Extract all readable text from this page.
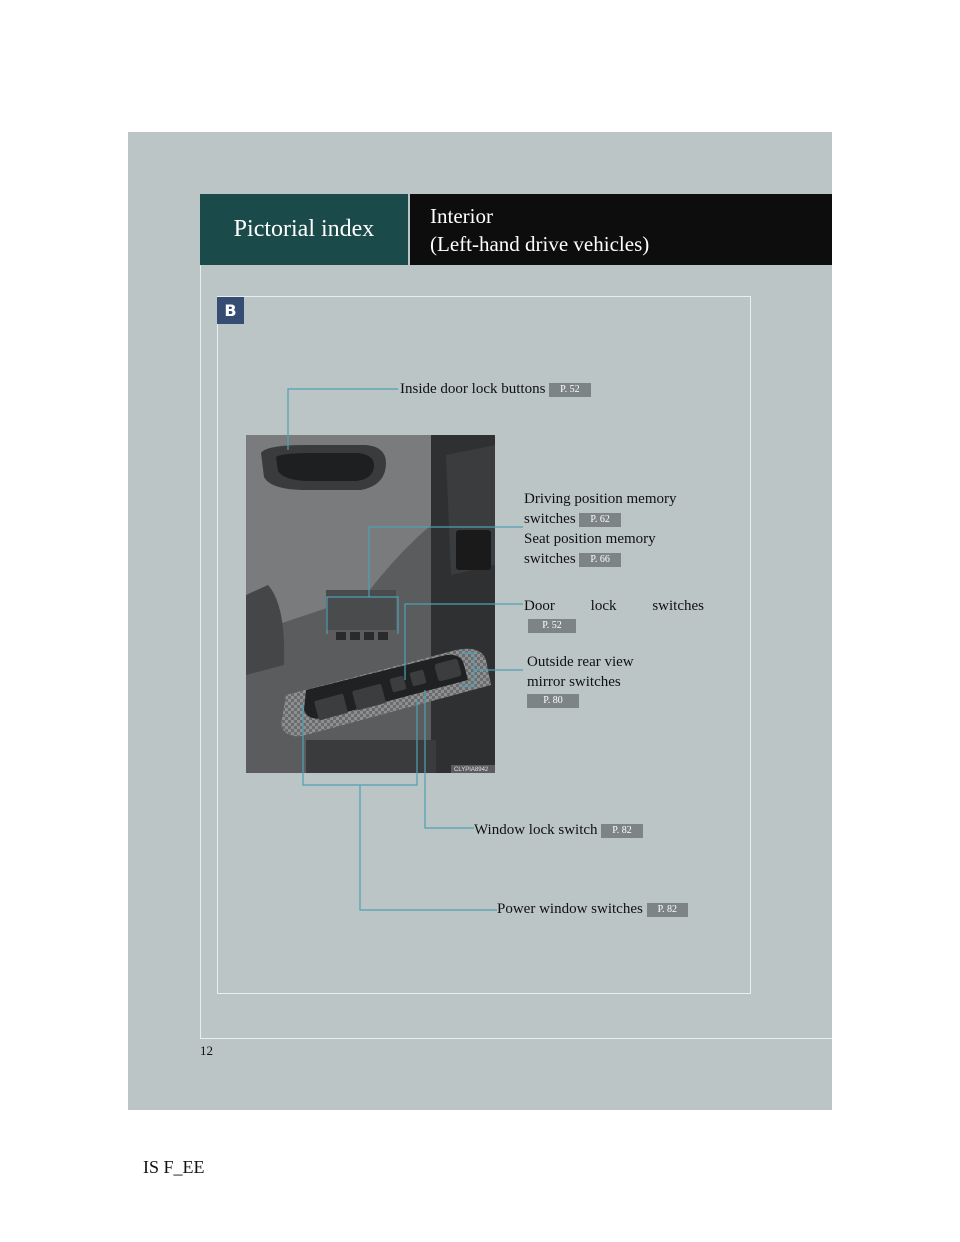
Pictorial index
Interior
(Left-hand drive vehicles)
B
CLYPIA8942
Inside door lock buttons P. 52
Driving position memory
switches P. 62
Seat position memory
switches P. 66
Door lock switches
P. 52
Outside rear view
mirror switches
P. 80
Window lock switch P. 82
Power window switches P. 82
12
IS F_EE
